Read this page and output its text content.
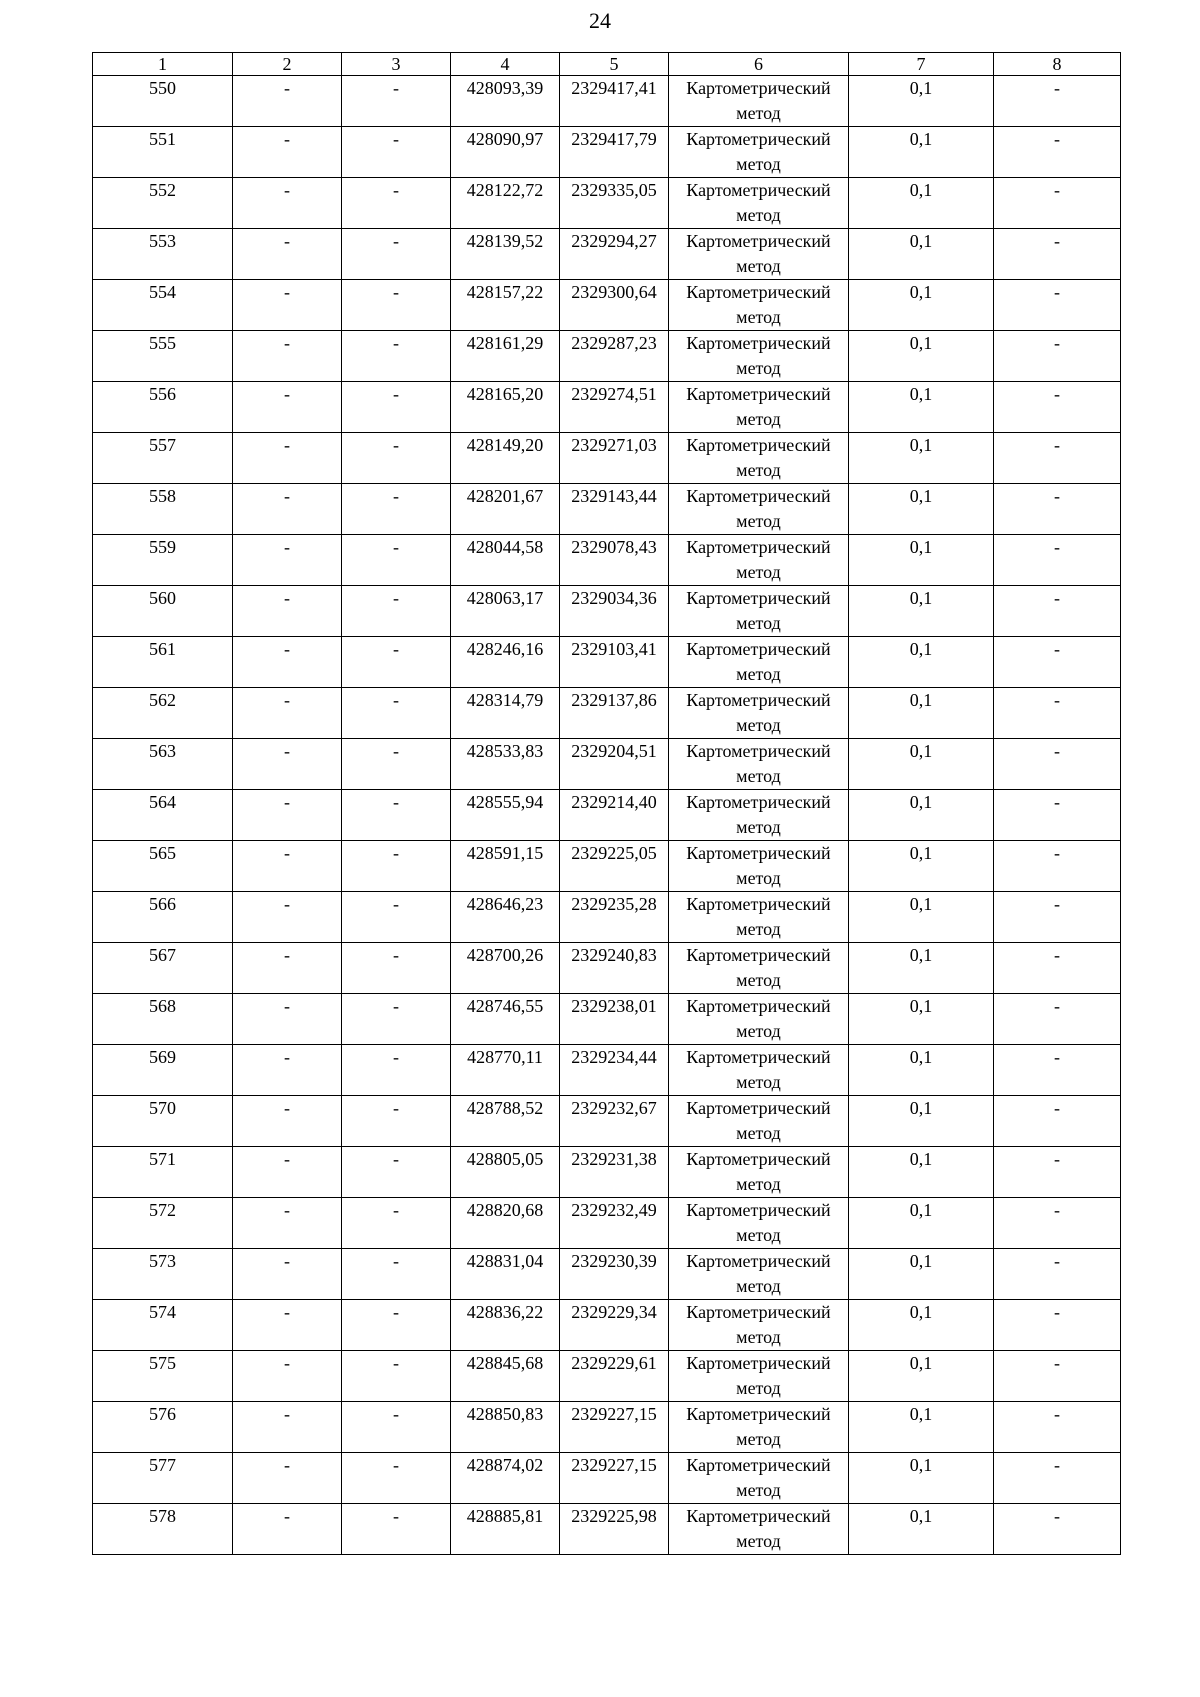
24
1	2	3	4	5	6	7	8
550	-	-	428093,39	2329417,41	Картометрический метод	0,1	-
551	-	-	428090,97	2329417,79	Картометрический метод	0,1	-
552	-	-	428122,72	2329335,05	Картометрический метод	0,1	-
553	-	-	428139,52	2329294,27	Картометрический метод	0,1	-
554	-	-	428157,22	2329300,64	Картометрический метод	0,1	-
555	-	-	428161,29	2329287,23	Картометрический метод	0,1	-
556	-	-	428165,20	2329274,51	Картометрический метод	0,1	-
557	-	-	428149,20	2329271,03	Картометрический метод	0,1	-
558	-	-	428201,67	2329143,44	Картометрический метод	0,1	-
559	-	-	428044,58	2329078,43	Картометрический метод	0,1	-
560	-	-	428063,17	2329034,36	Картометрический метод	0,1	-
561	-	-	428246,16	2329103,41	Картометрический метод	0,1	-
562	-	-	428314,79	2329137,86	Картометрический метод	0,1	-
563	-	-	428533,83	2329204,51	Картометрический метод	0,1	-
564	-	-	428555,94	2329214,40	Картометрический метод	0,1	-
565	-	-	428591,15	2329225,05	Картометрический метод	0,1	-
566	-	-	428646,23	2329235,28	Картометрический метод	0,1	-
567	-	-	428700,26	2329240,83	Картометрический метод	0,1	-
568	-	-	428746,55	2329238,01	Картометрический метод	0,1	-
569	-	-	428770,11	2329234,44	Картометрический метод	0,1	-
570	-	-	428788,52	2329232,67	Картометрический метод	0,1	-
571	-	-	428805,05	2329231,38	Картометрический метод	0,1	-
572	-	-	428820,68	2329232,49	Картометрический метод	0,1	-
573	-	-	428831,04	2329230,39	Картометрический метод	0,1	-
574	-	-	428836,22	2329229,34	Картометрический метод	0,1	-
575	-	-	428845,68	2329229,61	Картометрический метод	0,1	-
576	-	-	428850,83	2329227,15	Картометрический метод	0,1	-
577	-	-	428874,02	2329227,15	Картометрический метод	0,1	-
578	-	-	428885,81	2329225,98	Картометрический метод	0,1	-
